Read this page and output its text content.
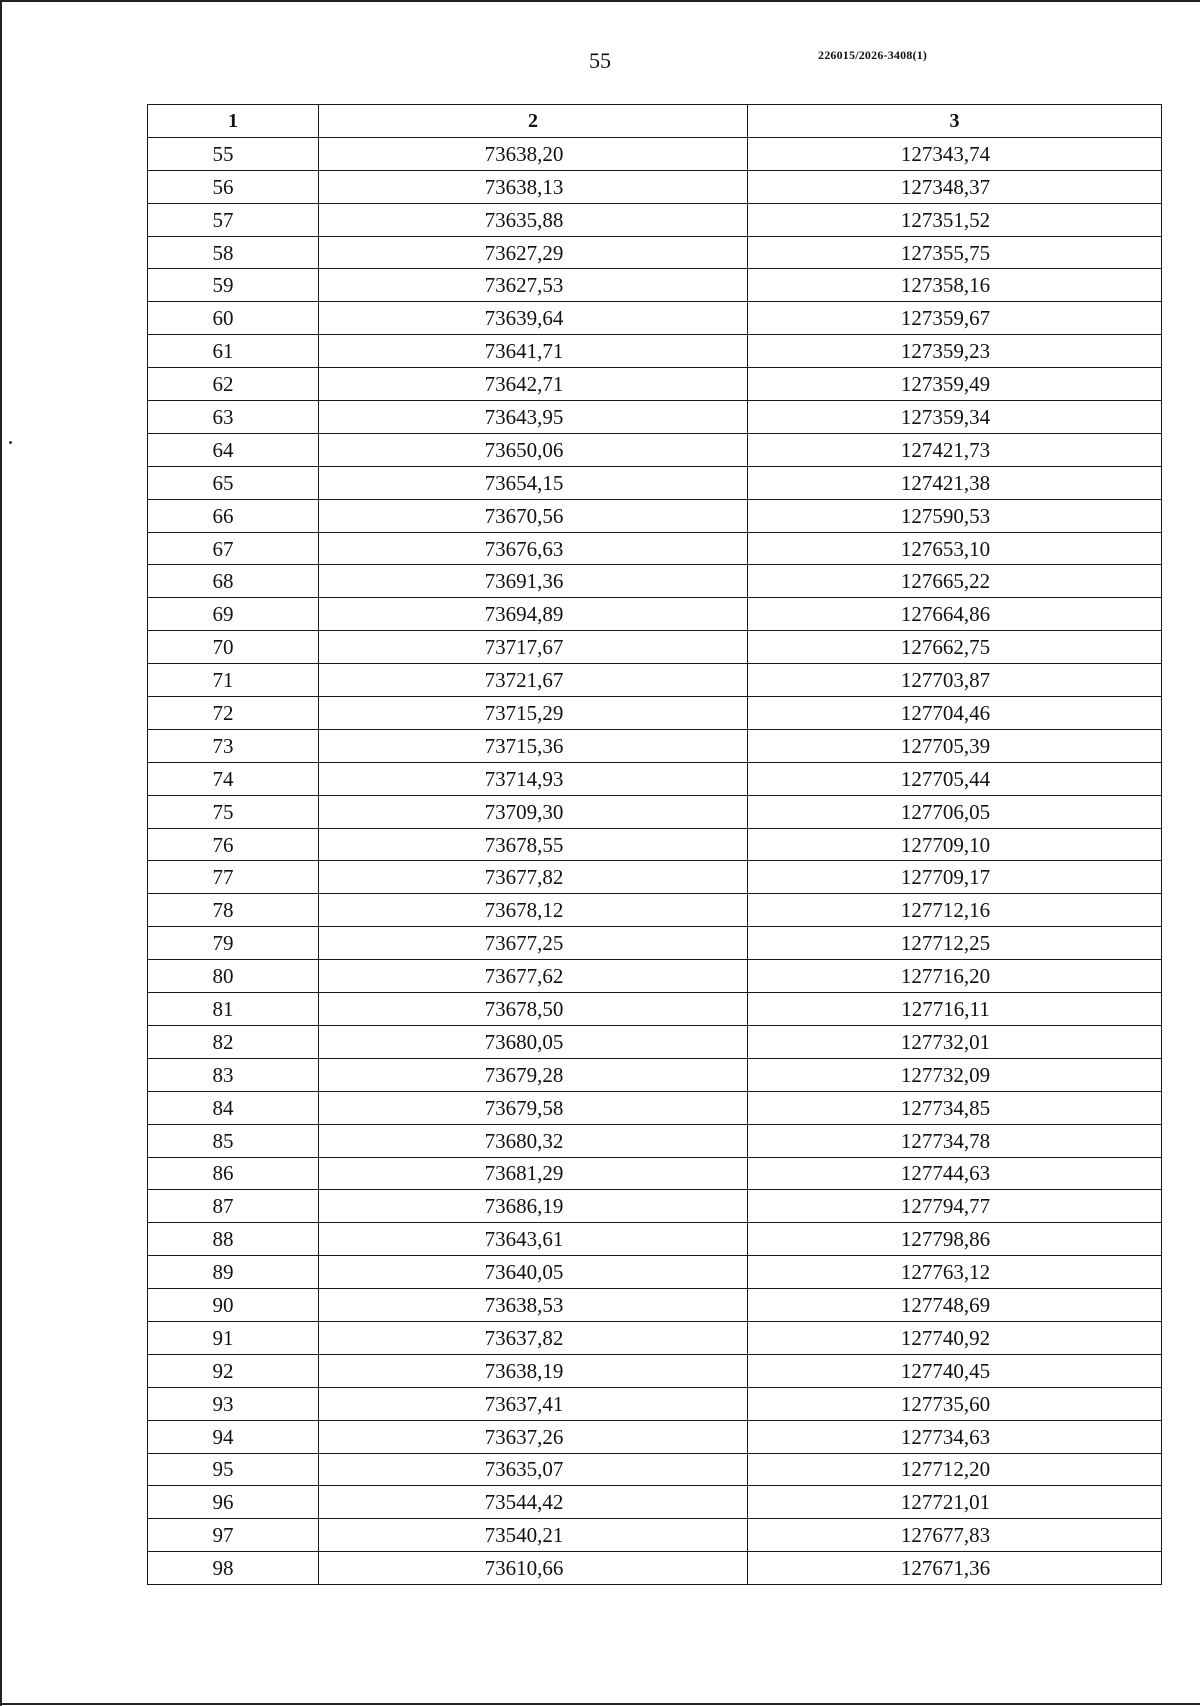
55	226015/2026-3408(1)
1	2	3
55	73638,20	127343,74
56	73638,13	127348,37
57	73635,88	127351,52
58	73627,29	127355,75
59	73627,53	127358,16
60	73639,64	127359,67
61	73641,71	127359,23
62	73642,71	127359,49
63	73643,95	127359,34
64	73650,06	127421,73
65	73654,15	127421,38
66	73670,56	127590,53
67	73676,63	127653,10
68	73691,36	127665,22
69	73694,89	127664,86
70	73717,67	127662,75
71	73721,67	127703,87
72	73715,29	127704,46
73	73715,36	127705,39
74	73714,93	127705,44
75	73709,30	127706,05
76	73678,55	127709,10
77	73677,82	127709,17
78	73678,12	127712,16
79	73677,25	127712,25
80	73677,62	127716,20
81	73678,50	127716,11
82	73680,05	127732,01
83	73679,28	127732,09
84	73679,58	127734,85
85	73680,32	127734,78
86	73681,29	127744,63
87	73686,19	127794,77
88	73643,61	127798,86
89	73640,05	127763,12
90	73638,53	127748,69
91	73637,82	127740,92
92	73638,19	127740,45
93	73637,41	127735,60
94	73637,26	127734,63
95	73635,07	127712,20
96	73544,42	127721,01
97	73540,21	127677,83
98	73610,66	127671,36
